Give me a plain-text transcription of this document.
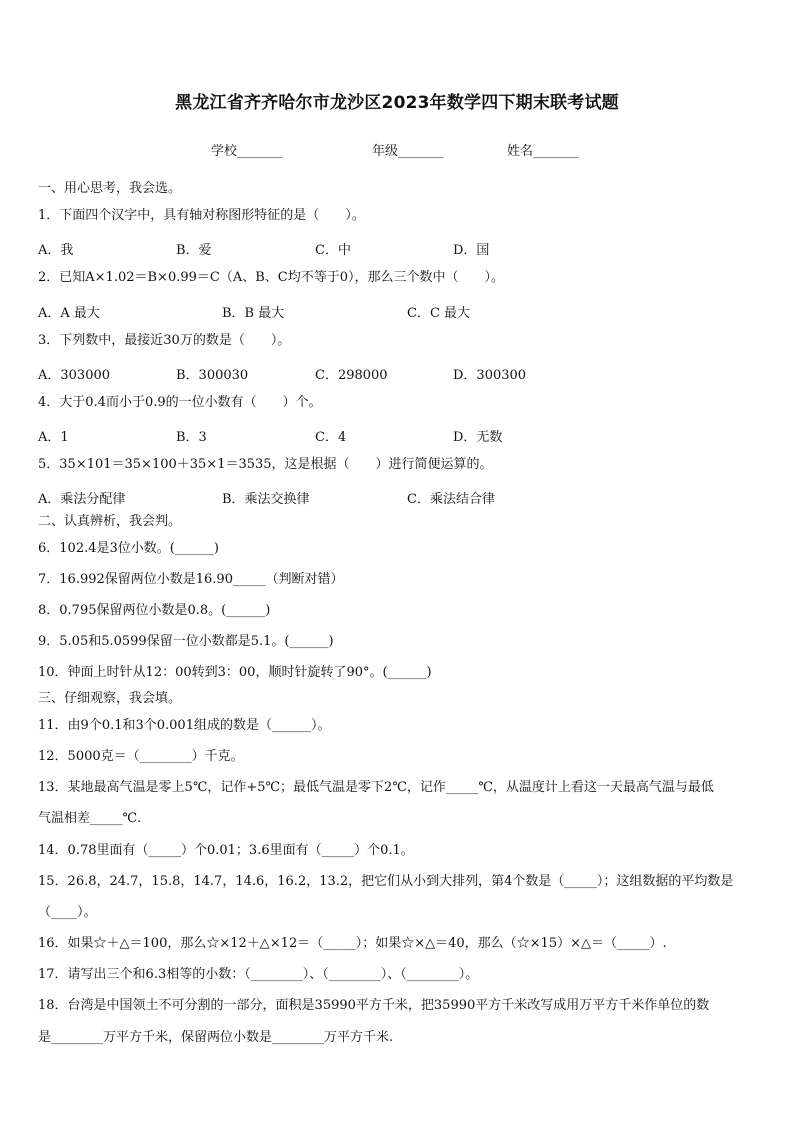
黑龙江省齐齐哈尔市龙沙区2023年数学四下期末联考试题
学校_______	年级_______	姓名_______
一、用心思考，我会选。
1．下面四个汉字中，具有轴对称图形特征的是（　　）。
A．我	B．爱	C．中	D．国
2．已知A×1.02＝B×0.99＝C（A、B、C均不等于0），那么三个数中（　　）。
A．A 最大	B．B 最大	C．C 最大
3．下列数中，最接近30万的数是（　　）。
A．303000	B．300030	C．298000	D．300300
4．大于0.4而小于0.9的一位小数有（　　）个。
A．1	B．3	C．4	D．无数
5．35×101＝35×100＋35×1＝3535，这是根据（　　）进行简便运算的。
A．乘法分配律	B．乘法交换律	C．乘法结合律
二、认真辨析，我会判。
6．102.4是3位小数。(______)
7．16.992保留两位小数是16.90_____（判断对错）
8．0.795保留两位小数是0.8。(______)
9．5.05和5.0599保留一位小数都是5.1。(______)
10．钟面上时针从12：00转到3：00，顺时针旋转了90°。(______)
三、仔细观察，我会填。
11．由9个0.1和3个0.001组成的数是（______）。
12．5000克＝（________）千克。
13．某地最高气温是零上5℃，记作+5℃；最低气温是零下2℃，记作_____℃，从温度计上看这一天最高气温与最低
气温相差_____℃.
14．0.78里面有（_____）个0.01；3.6里面有（_____）个0.1。
15．26.8，24.7，15.8，14.7，14.6，16.2，13.2，把它们从小到大排列，第4个数是（_____）；这组数据的平均数是
（____）。
16．如果☆＋△＝100，那么☆×12＋△×12＝（_____）；如果☆×△＝40，那么（☆×15）×△＝（_____）.
17．请写出三个和6.3相等的小数：（________）、（________）、（________）。
18．台湾是中国领土不可分割的一部分，面积是35990平方千米，把35990平方千米改写成用万平方千米作单位的数
是________万平方千米，保留两位小数是________万平方千米.
